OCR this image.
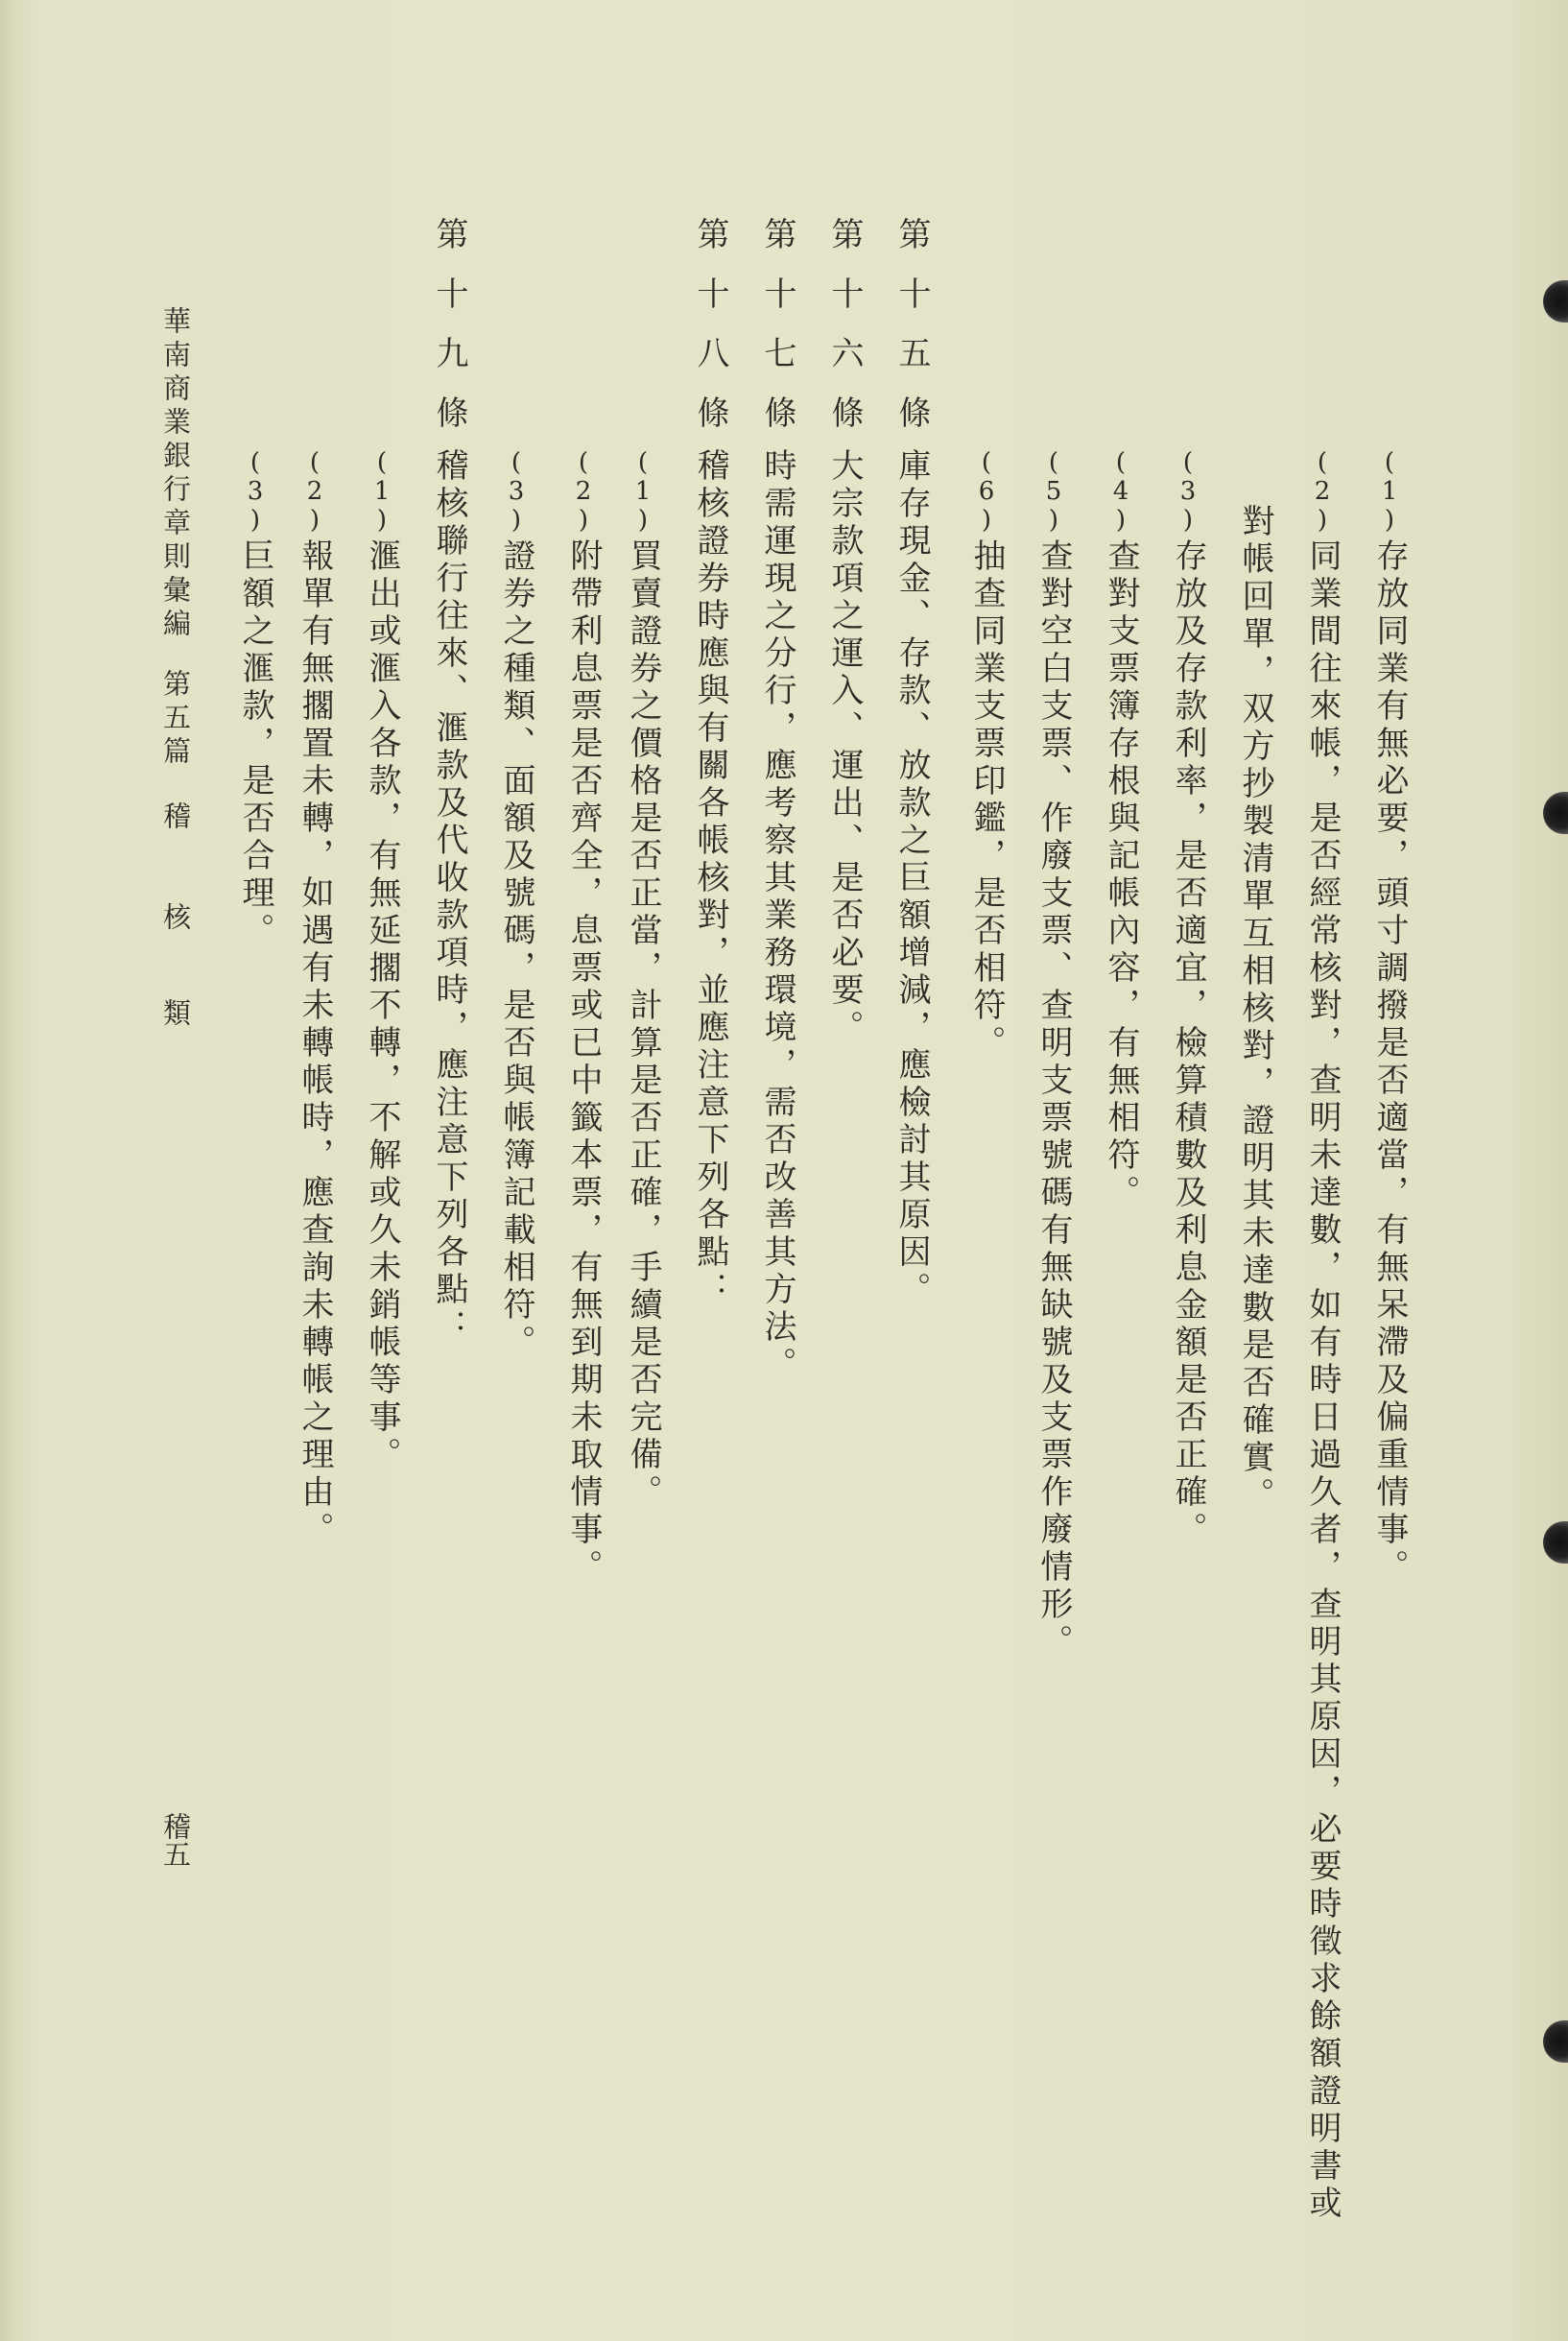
(1)存放同業有無必要，頭寸調撥是否適當，有無呆滯及偏重情事。
(2)同業間往來帳，是否經常核對，查明未達數，如有時日過久者，查明其原因，必要時徵求餘額證明書或
對帳回單，双方抄製清單互相核對，證明其未達數是否確實。
(3)存放及存款利率，是否適宜，檢算積數及利息金額是否正確。
(4)查對支票簿存根與記帳內容，有無相符。
(5)查對空白支票、作廢支票、查明支票號碼有無缺號及支票作廢情形。
(6)抽查同業支票印鑑，是否相符。
第十五條
庫存現金、存款、放款之巨額增減，應檢討其原因。
第十六條
大宗款項之運入、運出、是否必要。
第十七條
時需運現之分行，應考察其業務環境，需否改善其方法。
第十八條
稽核證券時應與有關各帳核對，並應注意下列各點：
(1)買賣證券之價格是否正當，計算是否正確，手續是否完備。
(2)附帶利息票是否齊全，息票或已中籤本票，有無到期未取情事。
(3)證券之種類、面額及號碼，是否與帳簿記載相符。
第十九條
稽核聯行往來、滙款及代收款項時，應注意下列各點：
(1)滙出或滙入各款，有無延擱不轉，不解或久未銷帳等事。
(2)報單有無擱置未轉，如遇有未轉帳時，應查詢未轉帳之理由。
(3)巨額之滙款，是否合理。
華南商業銀行章則彙編
第五篇
稽
核
類
稽五
